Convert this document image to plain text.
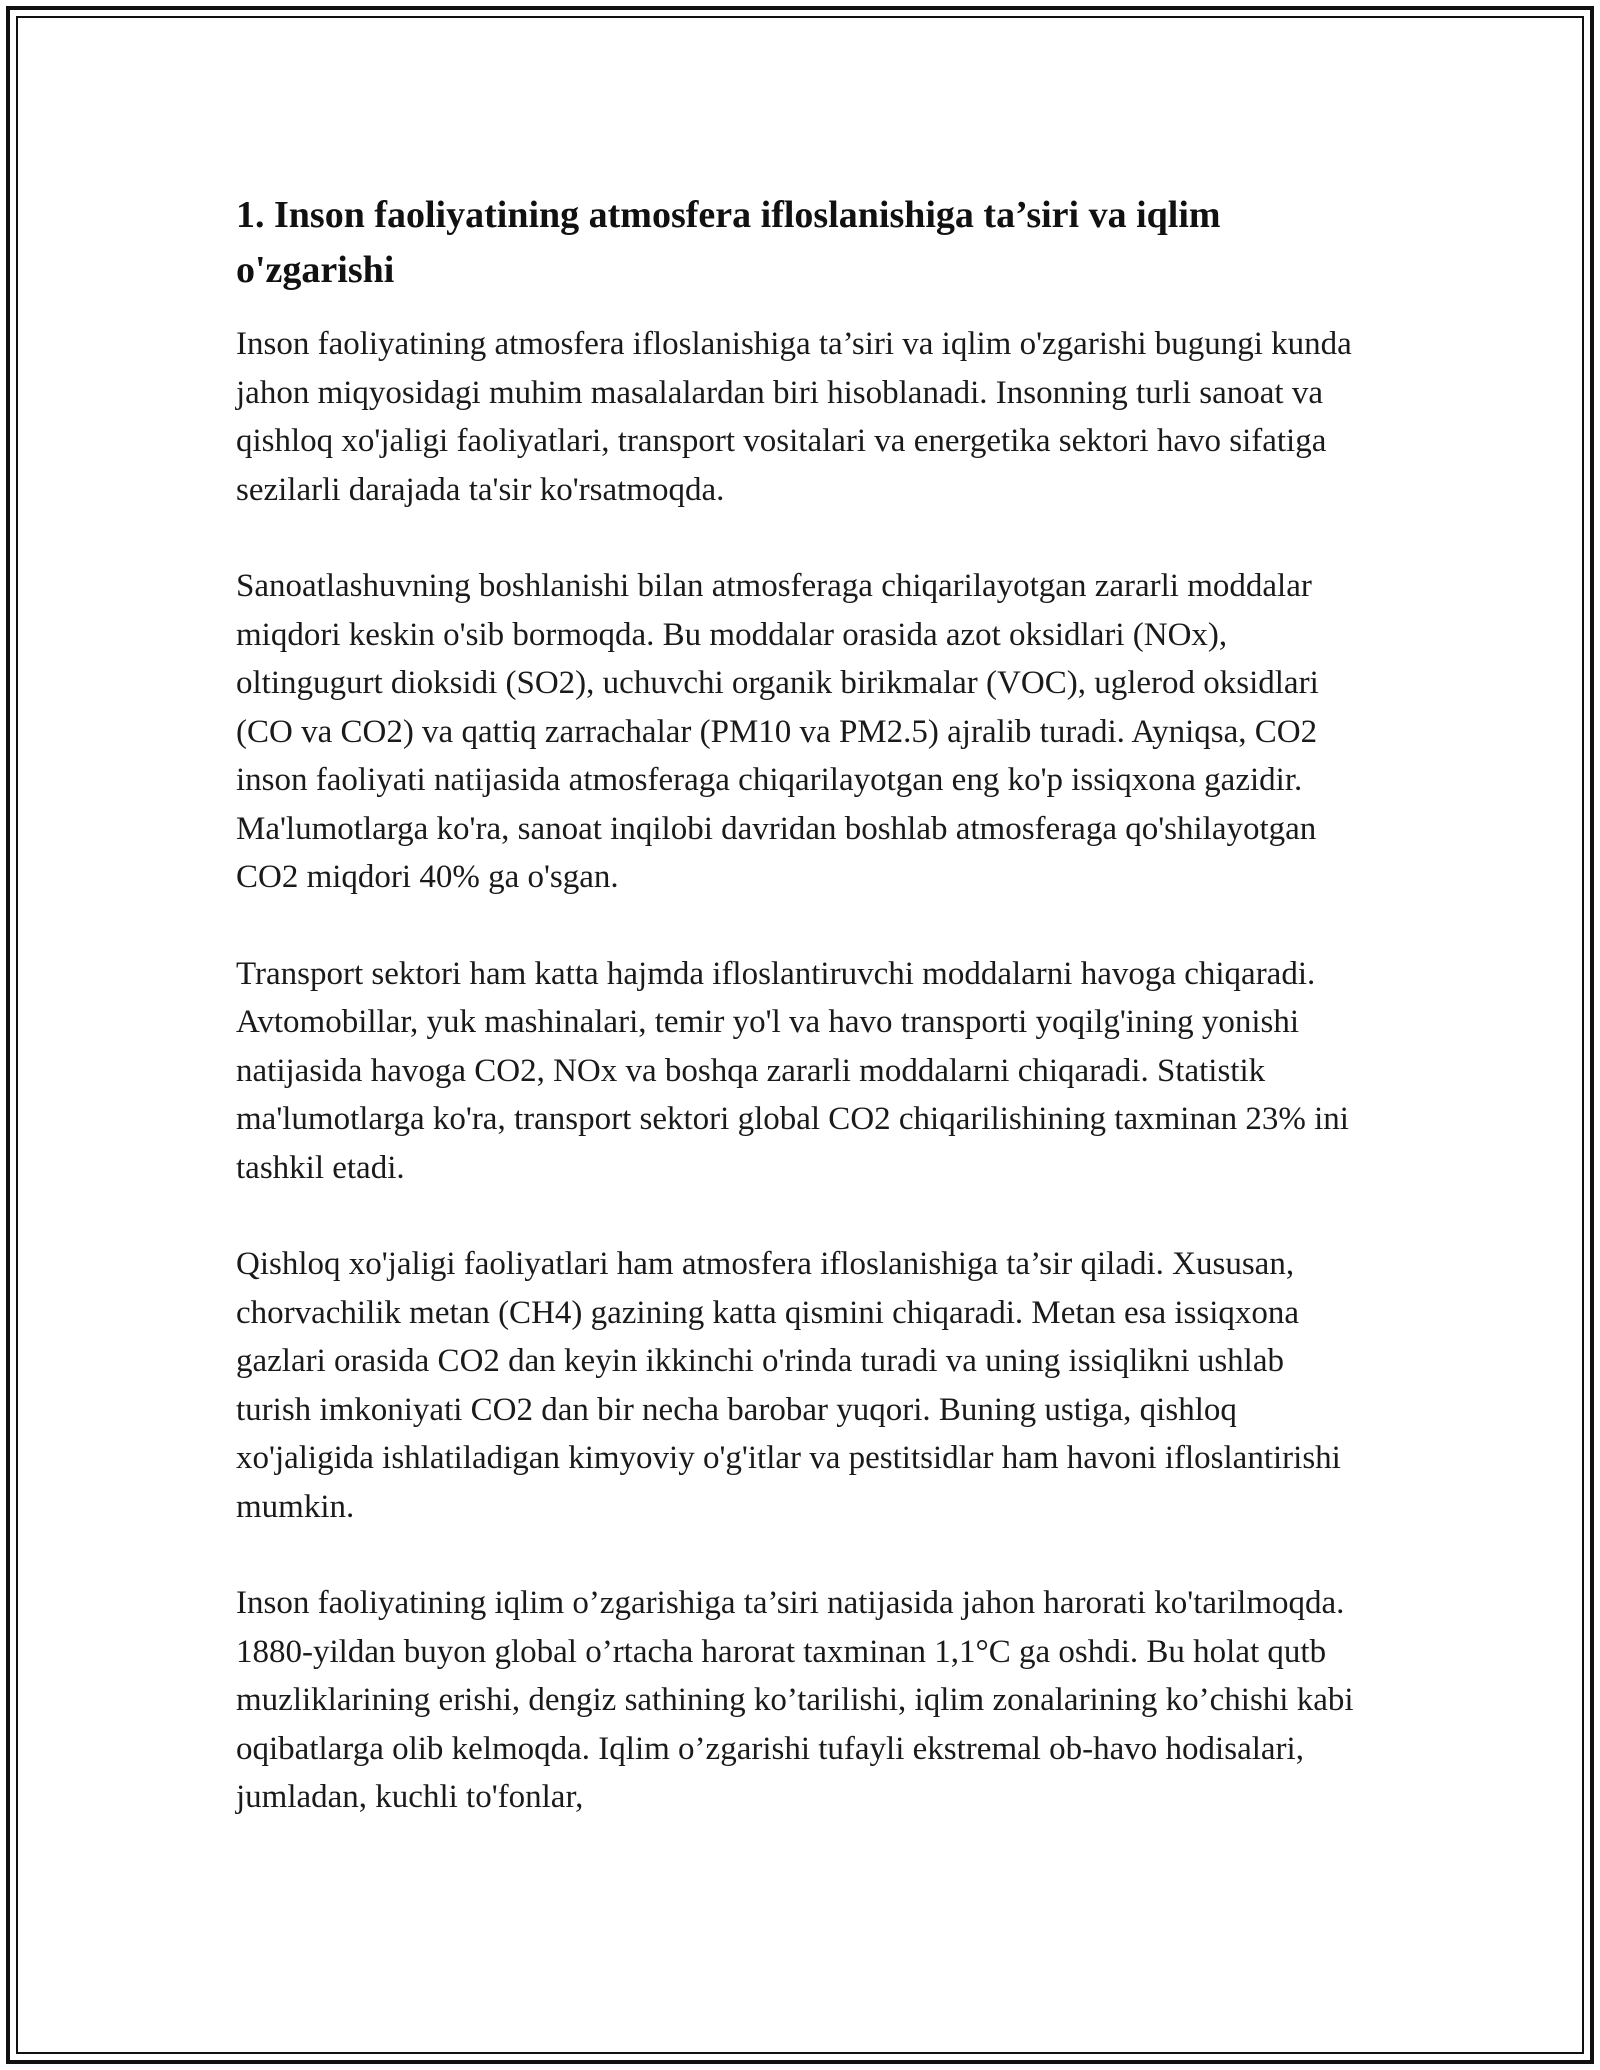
1. Inson faoliyatining atmosfera ifloslanishiga ta’siri va iqlim o'zgarishi

Inson faoliyatining atmosfera ifloslanishiga ta’siri va iqlim o'zgarishi bugungi kunda jahon miqyosidagi muhim masalalardan biri hisoblanadi. Insonning turli sanoat va qishloq xo'jaligi faoliyatlari, transport vositalari va energetika sektori havo sifatiga sezilarli darajada ta'sir ko'rsatmoqda.

Sanoatlashuvning boshlanishi bilan atmosferaga chiqarilayotgan zararli moddalar miqdori keskin o'sib bormoqda. Bu moddalar orasida azot oksidlari (NOx), oltingugurt dioksidi (SO2), uchuvchi organik birikmalar (VOC), uglerod oksidlari (CO va CO2) va qattiq zarrachalar (PM10 va PM2.5) ajralib turadi. Ayniqsa, CO2 inson faoliyati natijasida atmosferaga chiqarilayotgan eng ko'p issiqxona gazidir. Ma'lumotlarga ko'ra, sanoat inqilobi davridan boshlab atmosferaga qo'shilayotgan CO2 miqdori 40% ga o'sgan.

Transport sektori ham katta hajmda ifloslantiruvchi moddalarni havoga chiqaradi. Avtomobillar, yuk mashinalari, temir yo'l va havo transporti yoqilg'ining yonishi natijasida havoga CO2, NOx va boshqa zararli moddalarni chiqaradi. Statistik ma'lumotlarga ko'ra, transport sektori global CO2 chiqarilishining taxminan 23% ini tashkil etadi.

Qishloq xo'jaligi faoliyatlari ham atmosfera ifloslanishiga ta’sir qiladi. Xususan, chorvachilik metan (CH4) gazining katta qismini chiqaradi. Metan esa issiqxona gazlari orasida CO2 dan keyin ikkinchi o'rinda turadi va uning issiqlikni ushlab turish imkoniyati CO2 dan bir necha barobar yuqori. Buning ustiga, qishloq xo'jaligida ishlatiladigan kimyoviy o'g'itlar va pestitsidlar ham havoni ifloslantirishi mumkin.

Inson faoliyatining iqlim o’zgarishiga ta’siri natijasida jahon harorati ko'tarilmoqda. 1880-yildan buyon global o’rtacha harorat taxminan 1,1°C ga oshdi. Bu holat qutb muzliklarining erishi, dengiz sathining ko’tarilishi, iqlim zonalarining ko’chishi kabi oqibatlarga olib kelmoqda. Iqlim o’zgarishi tufayli ekstremal ob-havo hodisalari, jumladan, kuchli to'fonlar,
